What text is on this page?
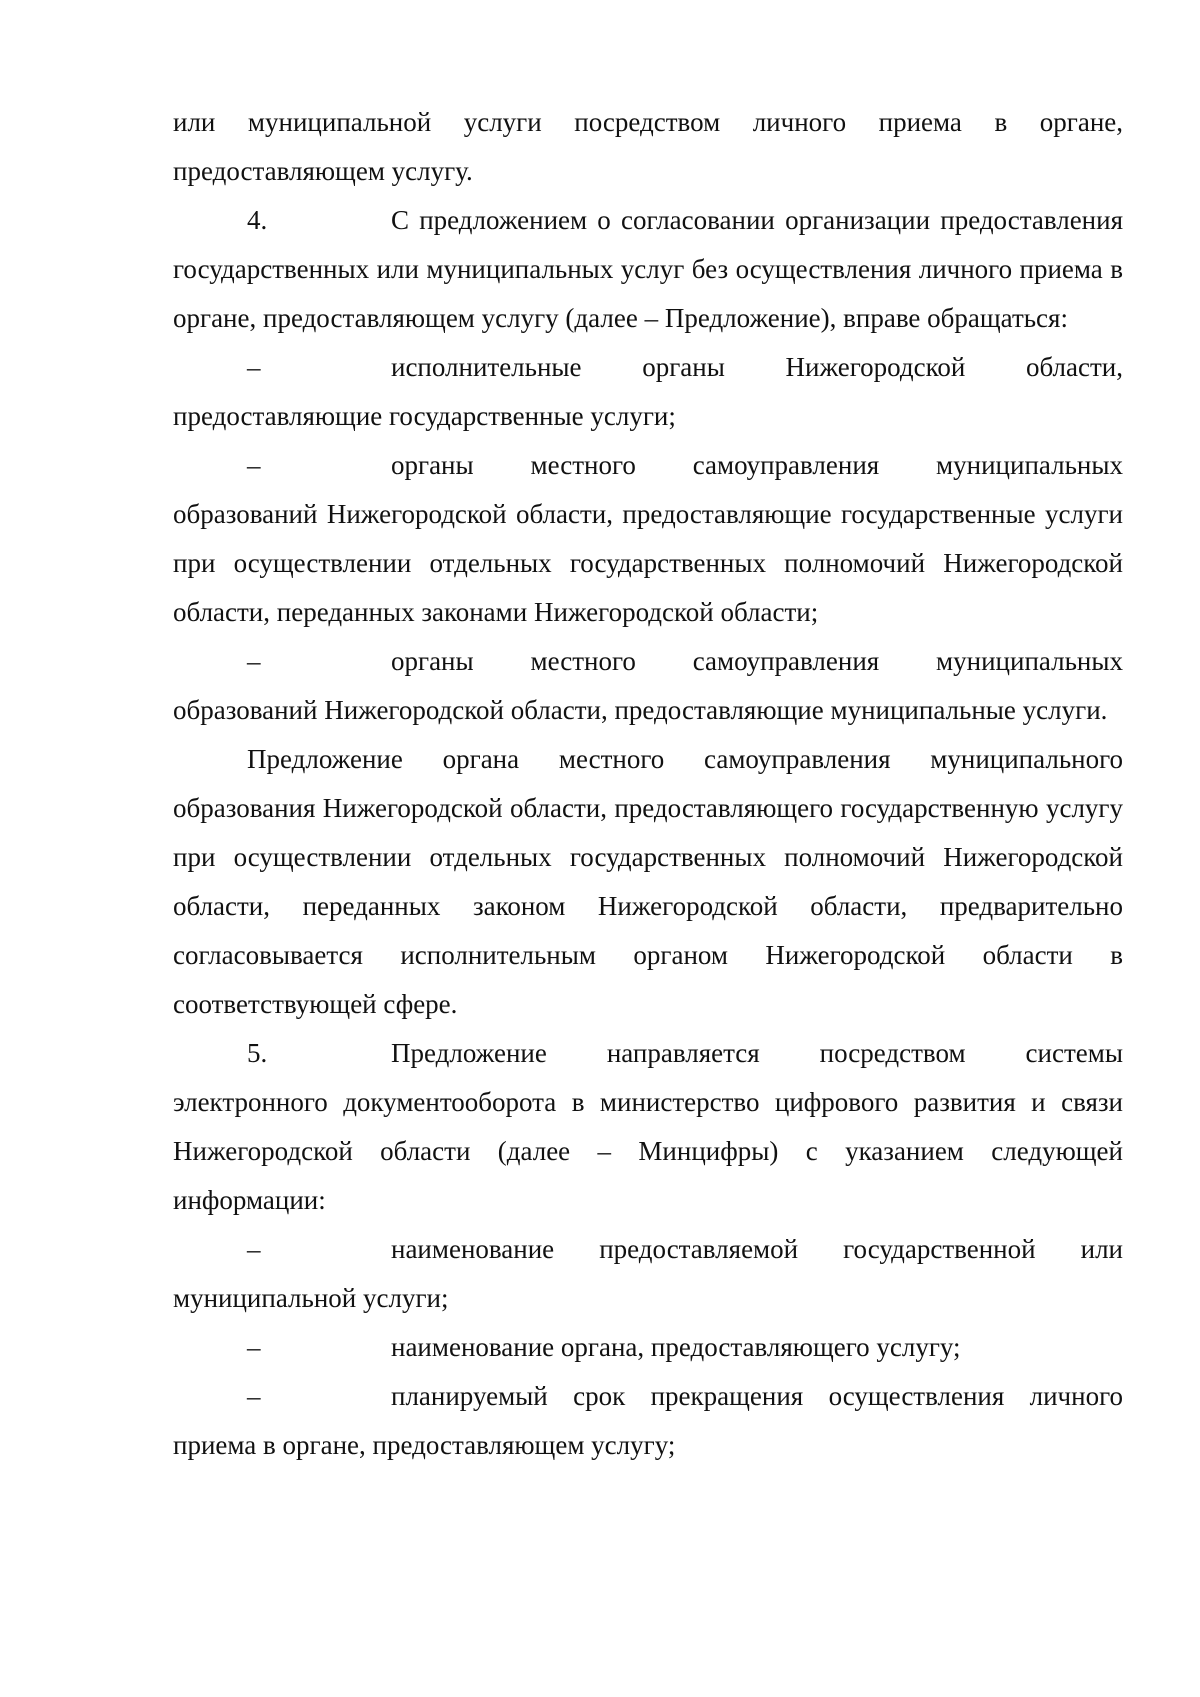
или муниципальной услуги посредством личного приема в органе, предоставляющем услугу.

4.	С предложением о согласовании организации предоставления государственных или муниципальных услуг без осуществления личного приема в органе, предоставляющем услугу (далее – Предложение), вправе обращаться:

–	исполнительные органы Нижегородской области, предоставляющие государственные услуги;

–	органы местного самоуправления муниципальных образований Нижегородской области, предоставляющие государственные услуги при осуществлении отдельных государственных полномочий Нижегородской области, переданных законами Нижегородской области;

–	органы местного самоуправления муниципальных образований Нижегородской области, предоставляющие муниципальные услуги.

Предложение органа местного самоуправления муниципального образования Нижегородской области, предоставляющего государственную услугу при осуществлении отдельных государственных полномочий Нижегородской области, переданных законом Нижегородской области, предварительно согласовывается исполнительным органом Нижегородской области в соответствующей сфере.

5.	Предложение направляется посредством системы электронного документооборота в министерство цифрового развития и связи Нижегородской области (далее – Минцифры) с указанием следующей информации:

–	наименование предоставляемой государственной или муниципальной услуги;

–	наименование органа, предоставляющего услугу;

–	планируемый срок прекращения осуществления личного приема в органе, предоставляющем услугу;
